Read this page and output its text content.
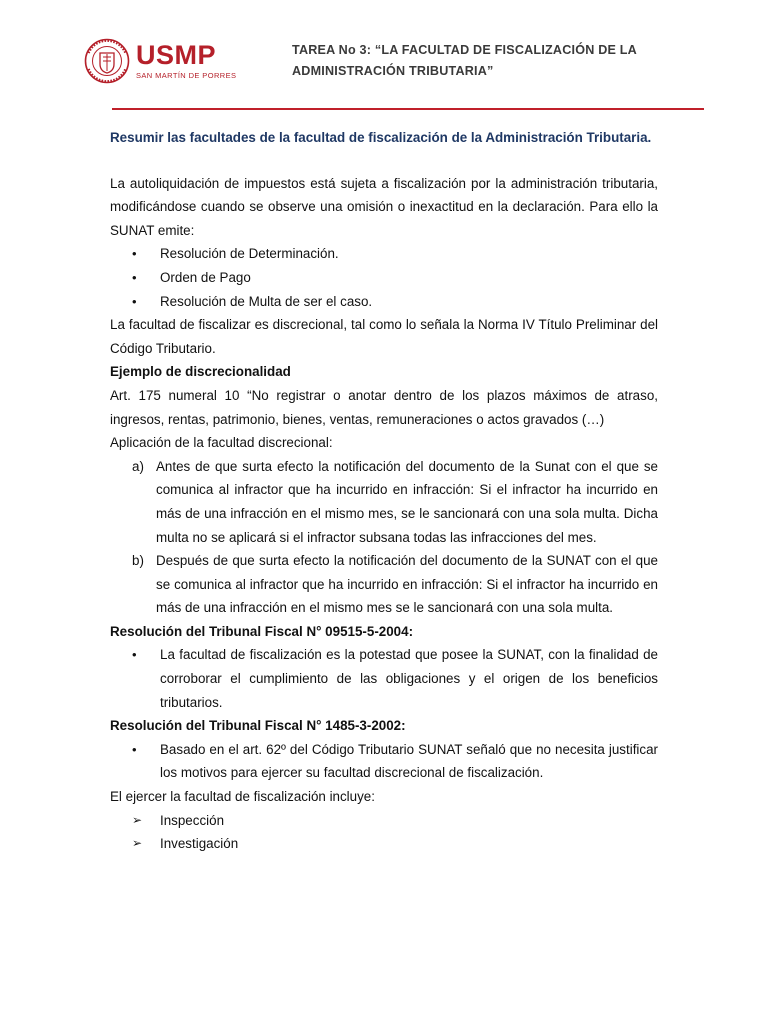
USMP
SAN MARTÍN DE PORRES
TAREA No 3: “LA FACULTAD DE FISCALIZACIÓN DE LA ADMINISTRACIÓN TRIBUTARIA”

Resumir las facultades de la facultad de fiscalización de la Administración Tributaria.

La autoliquidación de impuestos está sujeta a fiscalización por la administración tributaria, modificándose cuando se observe una omisión o inexactitud en la declaración. Para ello la SUNAT emite:

• Resolución de Determinación.
• Orden de Pago
• Resolución de Multa de ser el caso.

La facultad de fiscalizar es discrecional, tal como lo señala la Norma IV Título Preliminar del Código Tributario.

Ejemplo de discrecionalidad

Art. 175 numeral 10 “No registrar o anotar dentro de los plazos máximos de atraso, ingresos, rentas, patrimonio, bienes, ventas, remuneraciones o actos gravados (…)

Aplicación de la facultad discrecional:

a) Antes de que surta efecto la notificación del documento de la Sunat con el que se comunica al infractor que ha incurrido en infracción: Si el infractor ha incurrido en más de una infracción en el mismo mes, se le sancionará con una sola multa. Dicha multa no se aplicará si el infractor subsana todas las infracciones del mes.
b) Después de que surta efecto la notificación del documento de la SUNAT con el que se comunica al infractor que ha incurrido en infracción: Si el infractor ha incurrido en más de una infracción en el mismo mes se le sancionará con una sola multa.

Resolución del Tribunal Fiscal N° 09515-5-2004:

• La facultad de fiscalización es la potestad que posee la SUNAT, con la finalidad de corroborar el cumplimiento de las obligaciones y el origen de los beneficios tributarios.

Resolución del Tribunal Fiscal N° 1485-3-2002:

• Basado en el art. 62º del Código Tributario SUNAT señaló que no necesita justificar los motivos para ejercer su facultad discrecional de fiscalización.

El ejercer la facultad de fiscalización incluye:

➢ Inspección
➢ Investigación
